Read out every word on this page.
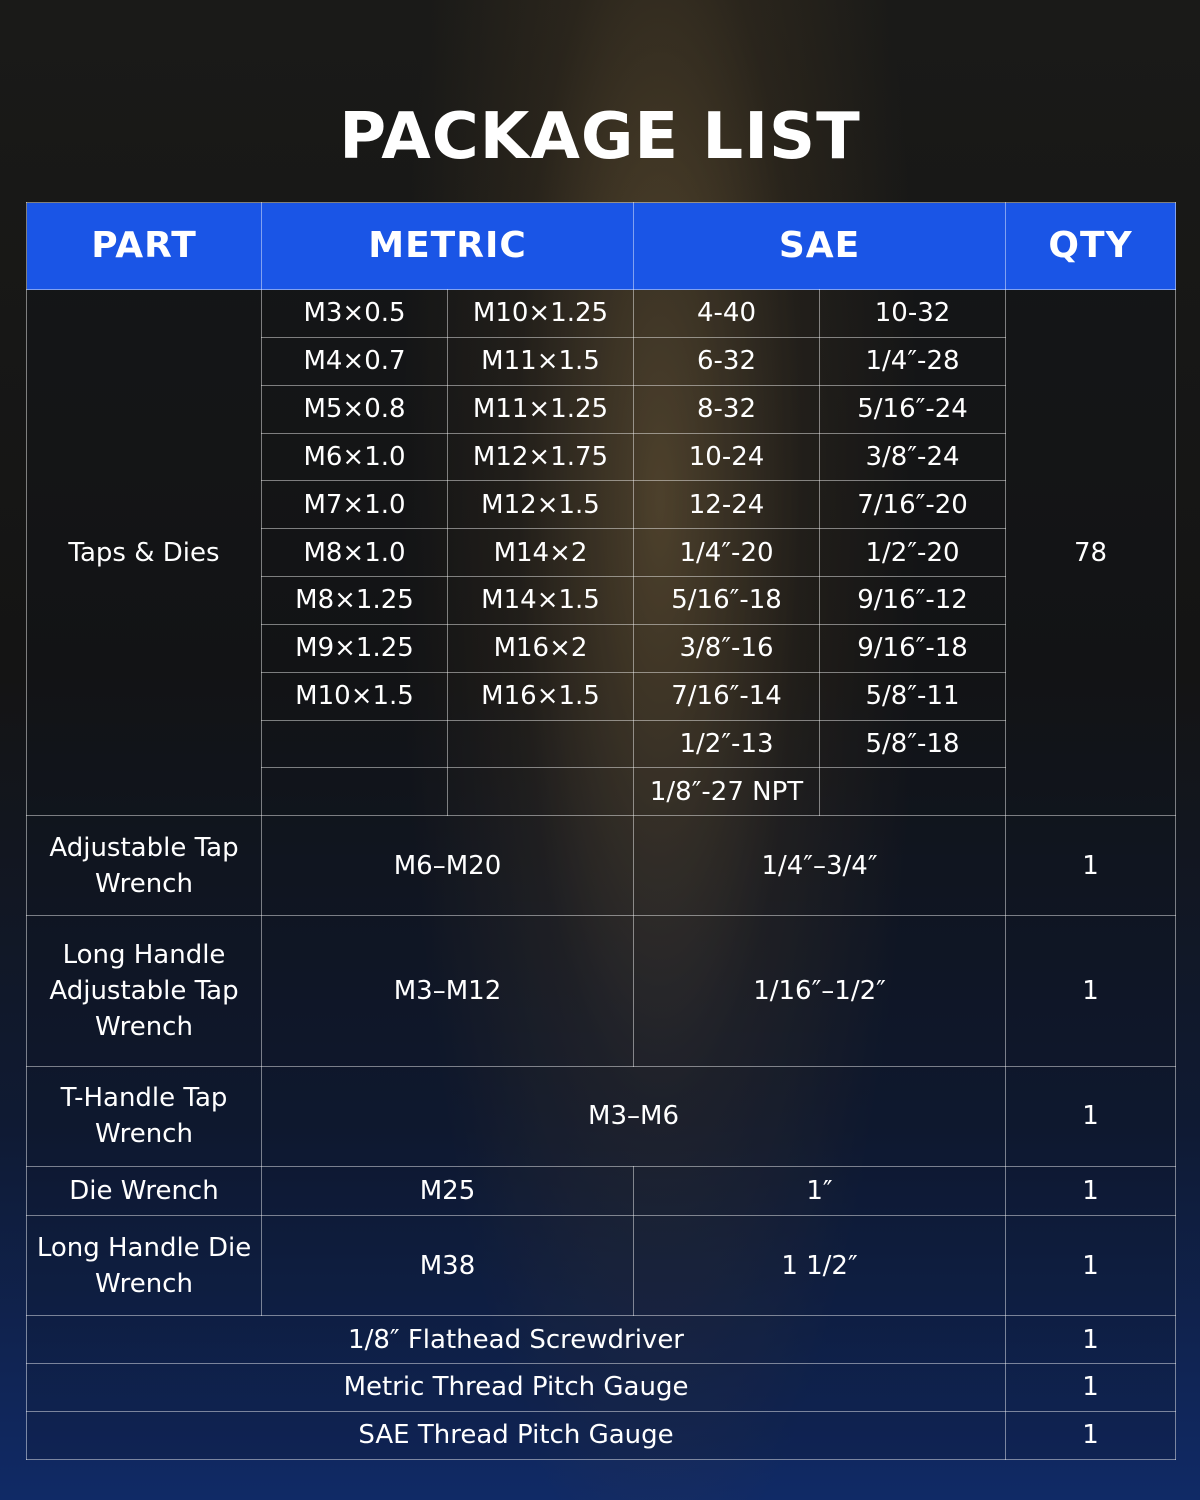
PACKAGE LIST
PART	METRIC		SAE		QTY
Taps & Dies	M3×0.5	M10×1.25	4-40	10-32	78
	M4×0.7	M11×1.5	6-32	1/4″-28	
	M5×0.8	M11×1.25	8-32	5/16″-24	
	M6×1.0	M12×1.75	10-24	3/8″-24	
	M7×1.0	M12×1.5	12-24	7/16″-20	
	M8×1.0	M14×2	1/4″-20	1/2″-20	
	M8×1.25	M14×1.5	5/16″-18	9/16″-12	
	M9×1.25	M16×2	3/8″-16	9/16″-18	
	M10×1.5	M16×1.5	7/16″-14	5/8″-11	
			1/2″-13	5/8″-18	
			1/8″-27 NPT		
Adjustable Tap Wrench	M6–M20		1/4″–3/4″		1
Long Handle Adjustable Tap Wrench	M3–M12		1/16″–1/2″		1
T-Handle Tap Wrench	M3–M6				1
Die Wrench	M25		1″		1
Long Handle Die Wrench	M38		1 1/2″		1
1/8″ Flathead Screwdriver					1
Metric Thread Pitch Gauge					1
SAE Thread Pitch Gauge					1
